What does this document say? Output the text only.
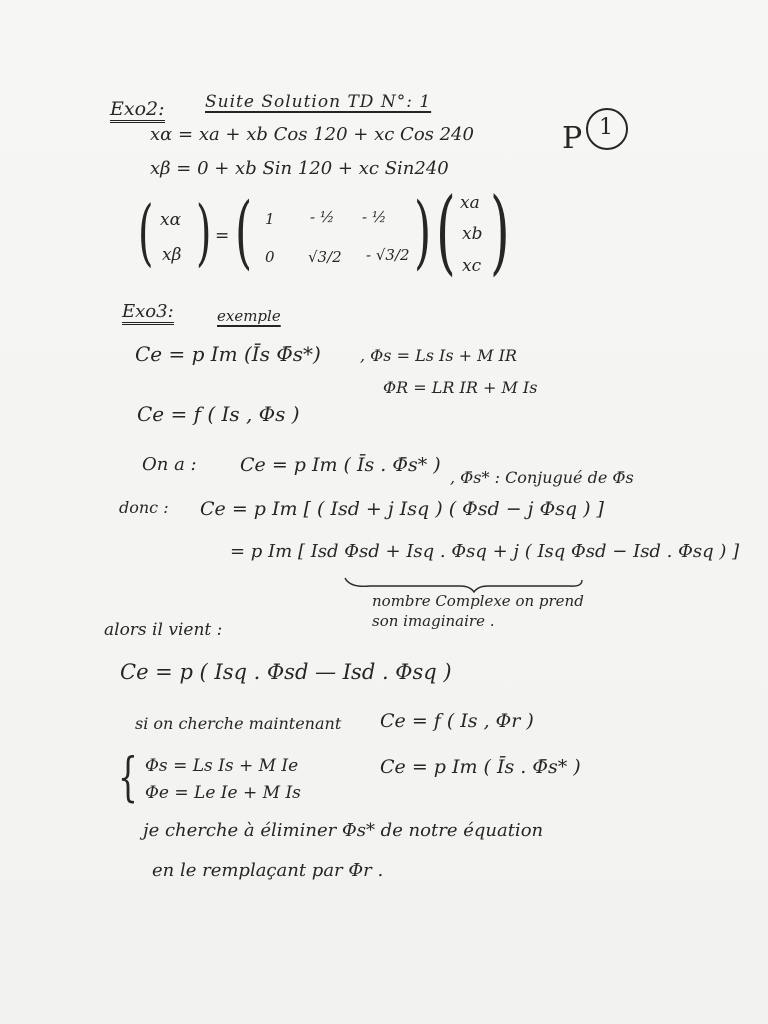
Exo2: Suite Solution TD N°: 1
P 1
xα = xa + xb Cos 120 + xc Cos 240
xβ = 0 + xb Sin 120 + xc Sin240
( xα
xβ ) = ( 1 - ½ - ½
0 √3/2 - √3/2 ) ( xa
xb
xc )
Exo3:	exemple
Ce = p Im (Īs Φ̄s*) , Φs = Ls Is + M IR
ΦR = LR IR + M Is
Ce = f ( Is , Φs )
On a : Ce = p Im ( Īs . Φ̄s* )
, Φ̄s* : Conjugué de Φ̄s
donc : Ce = p Im [ ( Isd + j Isq ) ( Φsd − j Φsq ) ]
= p Im [ Isd Φsd + Isq . Φsq + j ( Isq Φsd − Isd . Φsq ) ]
nombre Complexe on prend
son imaginaire .
alors il vient :
Ce = p ( Isq . Φsd — Isd . Φsq )
si on cherche maintenant Ce = f ( Is , Φr )
{ Φs = Ls Is + M Ie
Φe = Le Ie + M Is
Ce = p Im ( Īs . Φ̄s* )
je cherche à éliminer Φs* de notre équation
en le remplaçant par Φr .
